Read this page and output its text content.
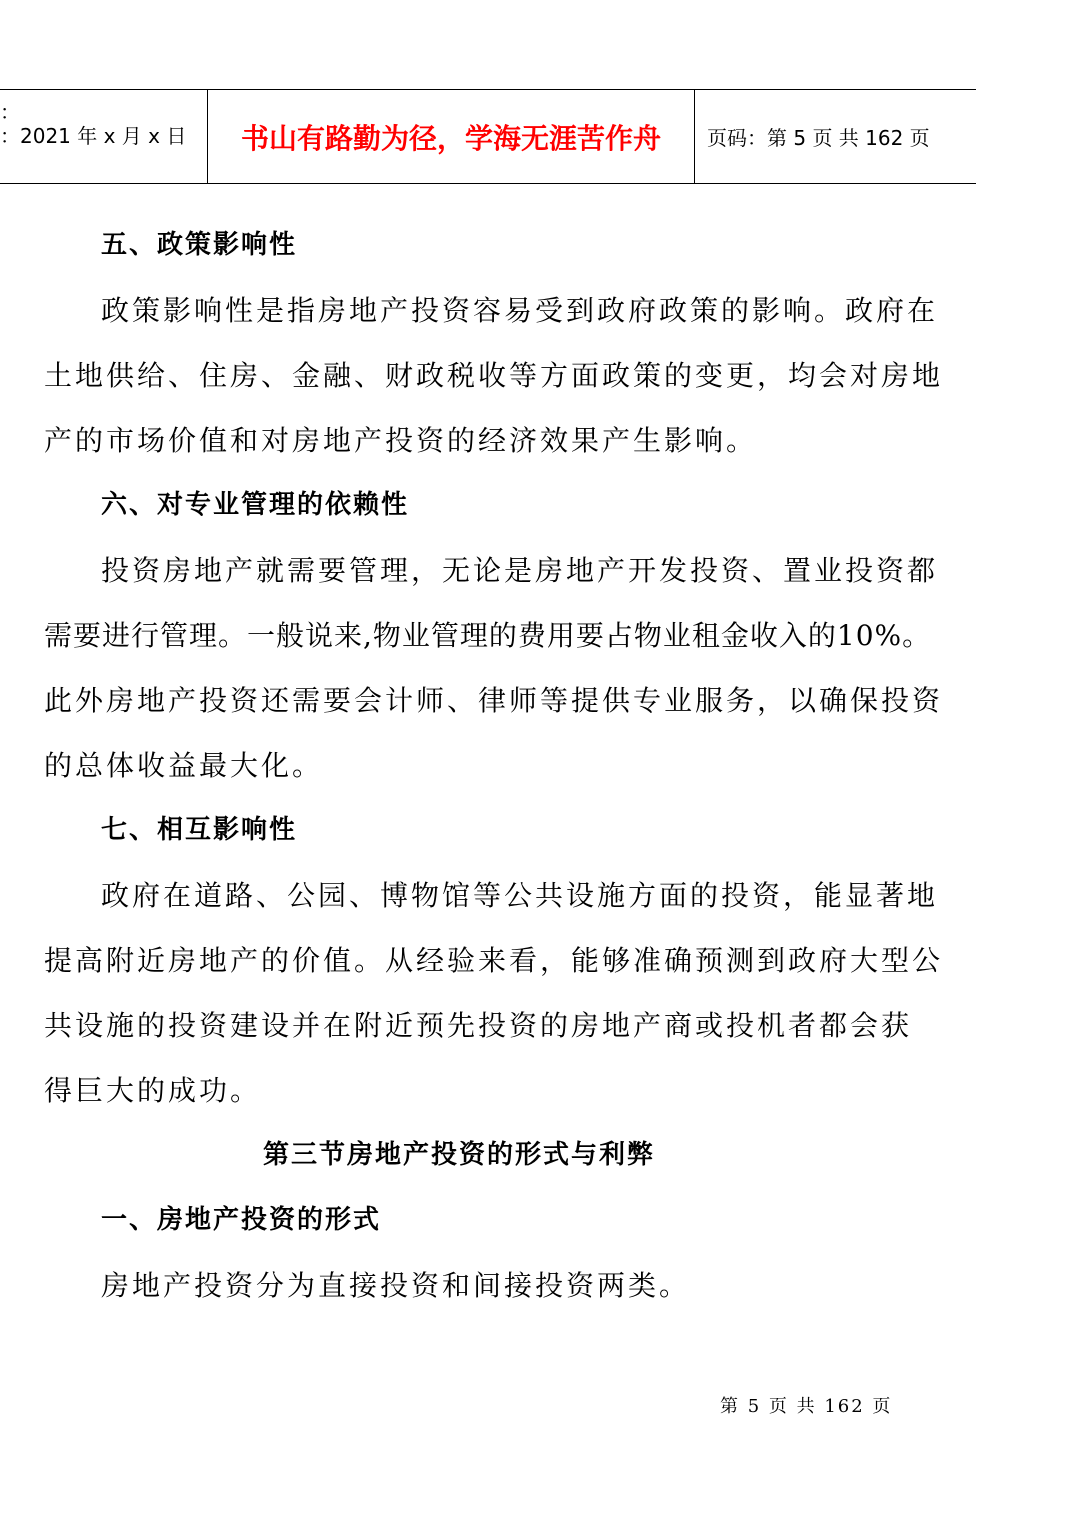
：
：2021 年 x 月 x 日	书山有路勤为径，学海无涯苦作舟	页码：第 5 页 共 162 页
五、政策影响性
政策影响性是指房地产投资容易受到政府政策的影响。政府在
土地供给、住房、金融、财政税收等方面政策的变更，均会对房地
产的市场价值和对房地产投资的经济效果产生影响。
六、对专业管理的依赖性
投资房地产就需要管理，无论是房地产开发投资、置业投资都
需要进行管理。一般说来,物业管理的费用要占物业租金收入的10%。
此外房地产投资还需要会计师、律师等提供专业服务，以确保投资
的总体收益最大化。
七、相互影响性
政府在道路、公园、博物馆等公共设施方面的投资，能显著地
提高附近房地产的价值。从经验来看，能够准确预测到政府大型公
共设施的投资建设并在附近预先投资的房地产商或投机者都会获
得巨大的成功。
第三节房地产投资的形式与利弊
一、房地产投资的形式
房地产投资分为直接投资和间接投资两类。
第 5 页 共 162 页
